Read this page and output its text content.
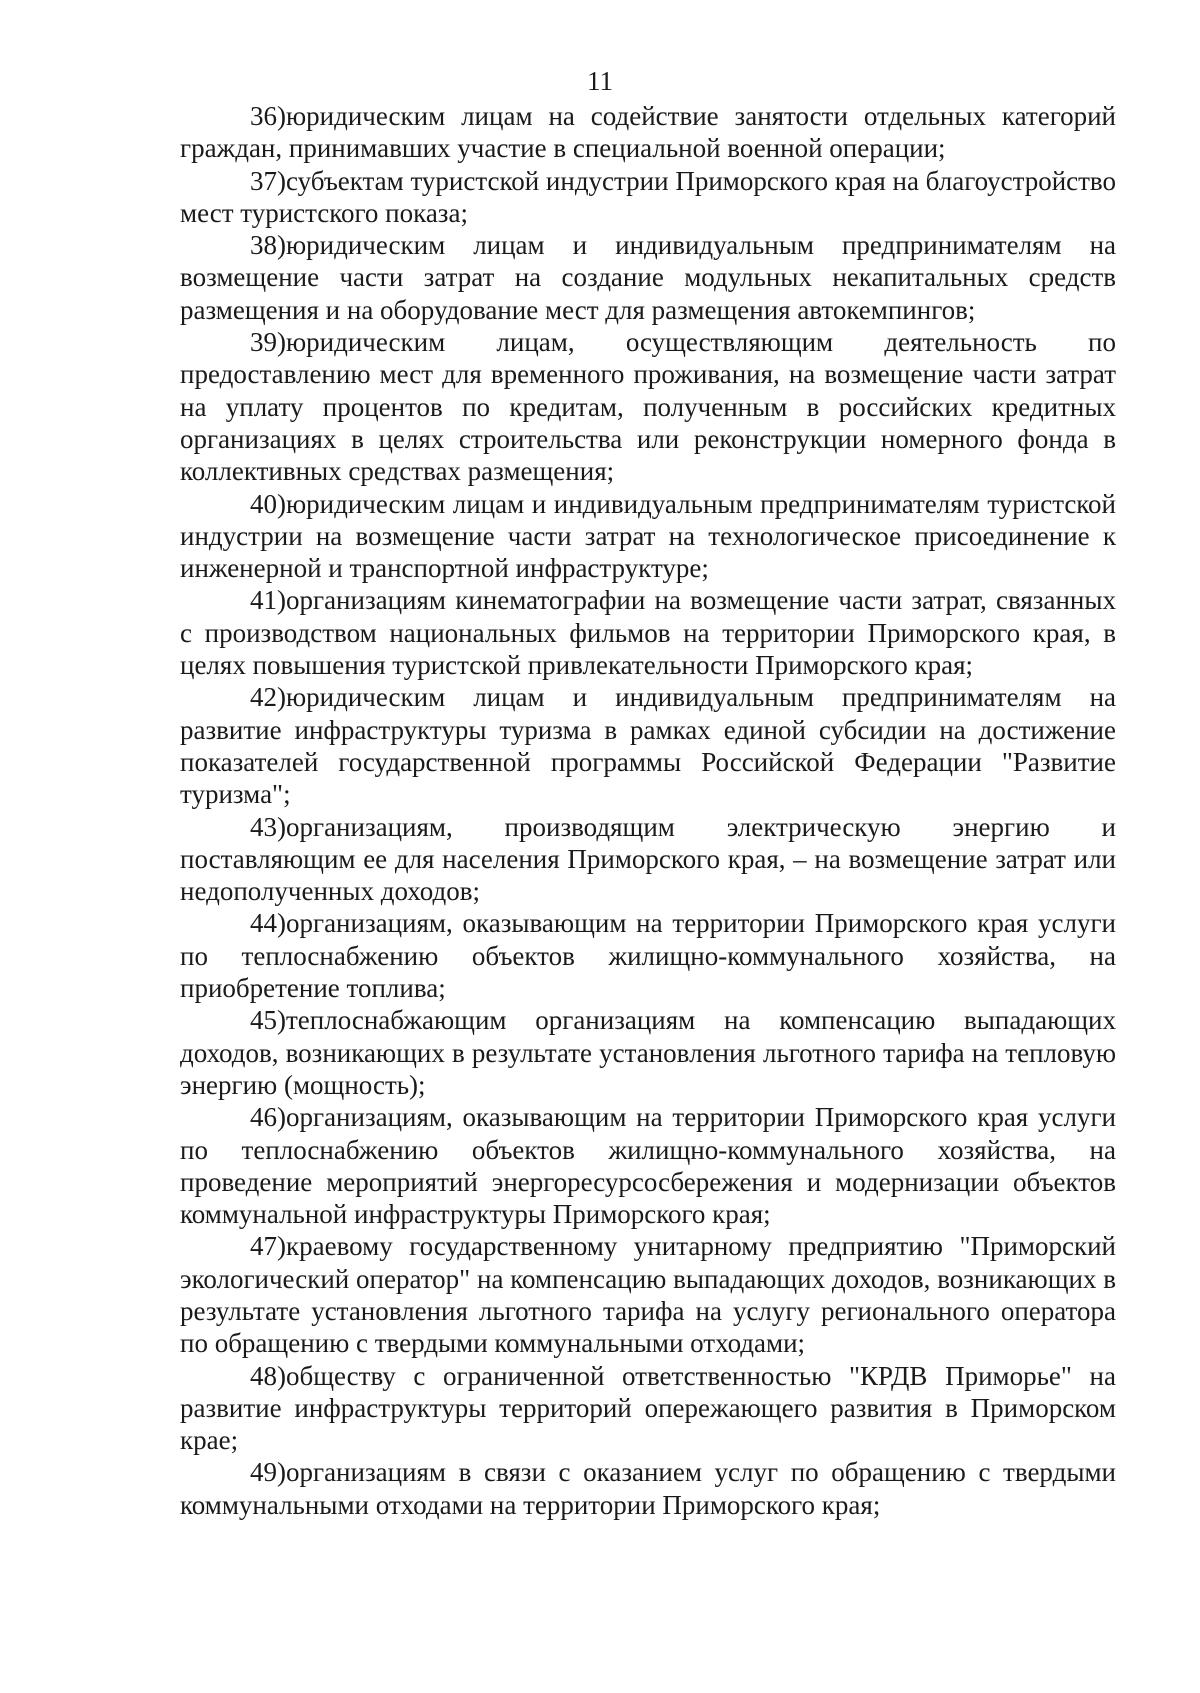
11

36)юридическим лицам на содействие занятости отдельных категорий граждан, принимавших участие в специальной военной операции;

37)субъектам туристской индустрии Приморского края на благоустройство мест туристского показа;

38)юридическим лицам и индивидуальным предпринимателям на возмещение части затрат на создание модульных некапитальных средств размещения и на оборудование мест для размещения автокемпингов;

39)юридическим лицам, осуществляющим деятельность по предоставлению мест для временного проживания, на возмещение части затрат на уплату процентов по кредитам, полученным в российских кредитных организациях в целях строительства или реконструкции номерного фонда в коллективных средствах размещения;

40)юридическим лицам и индивидуальным предпринимателям туристской индустрии на возмещение части затрат на технологическое присоединение к инженерной и транспортной инфраструктуре;

41)организациям кинематографии на возмещение части затрат, связанных с производством национальных фильмов на территории Приморского края, в целях повышения туристской привлекательности Приморского края;

42)юридическим лицам и индивидуальным предпринимателям на развитие инфраструктуры туризма в рамках единой субсидии на достижение показателей государственной программы Российской Федерации "Развитие туризма";

43)организациям, производящим электрическую энергию и поставляющим ее для населения Приморского края, – на возмещение затрат или недополученных доходов;

44)организациям, оказывающим на территории Приморского края услуги по теплоснабжению объектов жилищно-коммунального хозяйства, на приобретение топлива;

45)теплоснабжающим организациям на компенсацию выпадающих доходов, возникающих в результате установления льготного тарифа на тепловую энергию (мощность);

46)организациям, оказывающим на территории Приморского края услуги по теплоснабжению объектов жилищно-коммунального хозяйства, на проведение мероприятий энергоресурсосбережения и модернизации объектов коммунальной инфраструктуры Приморского края;

47)краевому государственному унитарному предприятию "Приморский экологический оператор" на компенсацию выпадающих доходов, возникающих в результате установления льготного тарифа на услугу регионального оператора по обращению с твердыми коммунальными отходами;

48)обществу с ограниченной ответственностью "КРДВ Приморье" на развитие инфраструктуры территорий опережающего развития в Приморском крае;

49)организациям в связи с оказанием услуг по обращению с твердыми коммунальными отходами на территории Приморского края;
